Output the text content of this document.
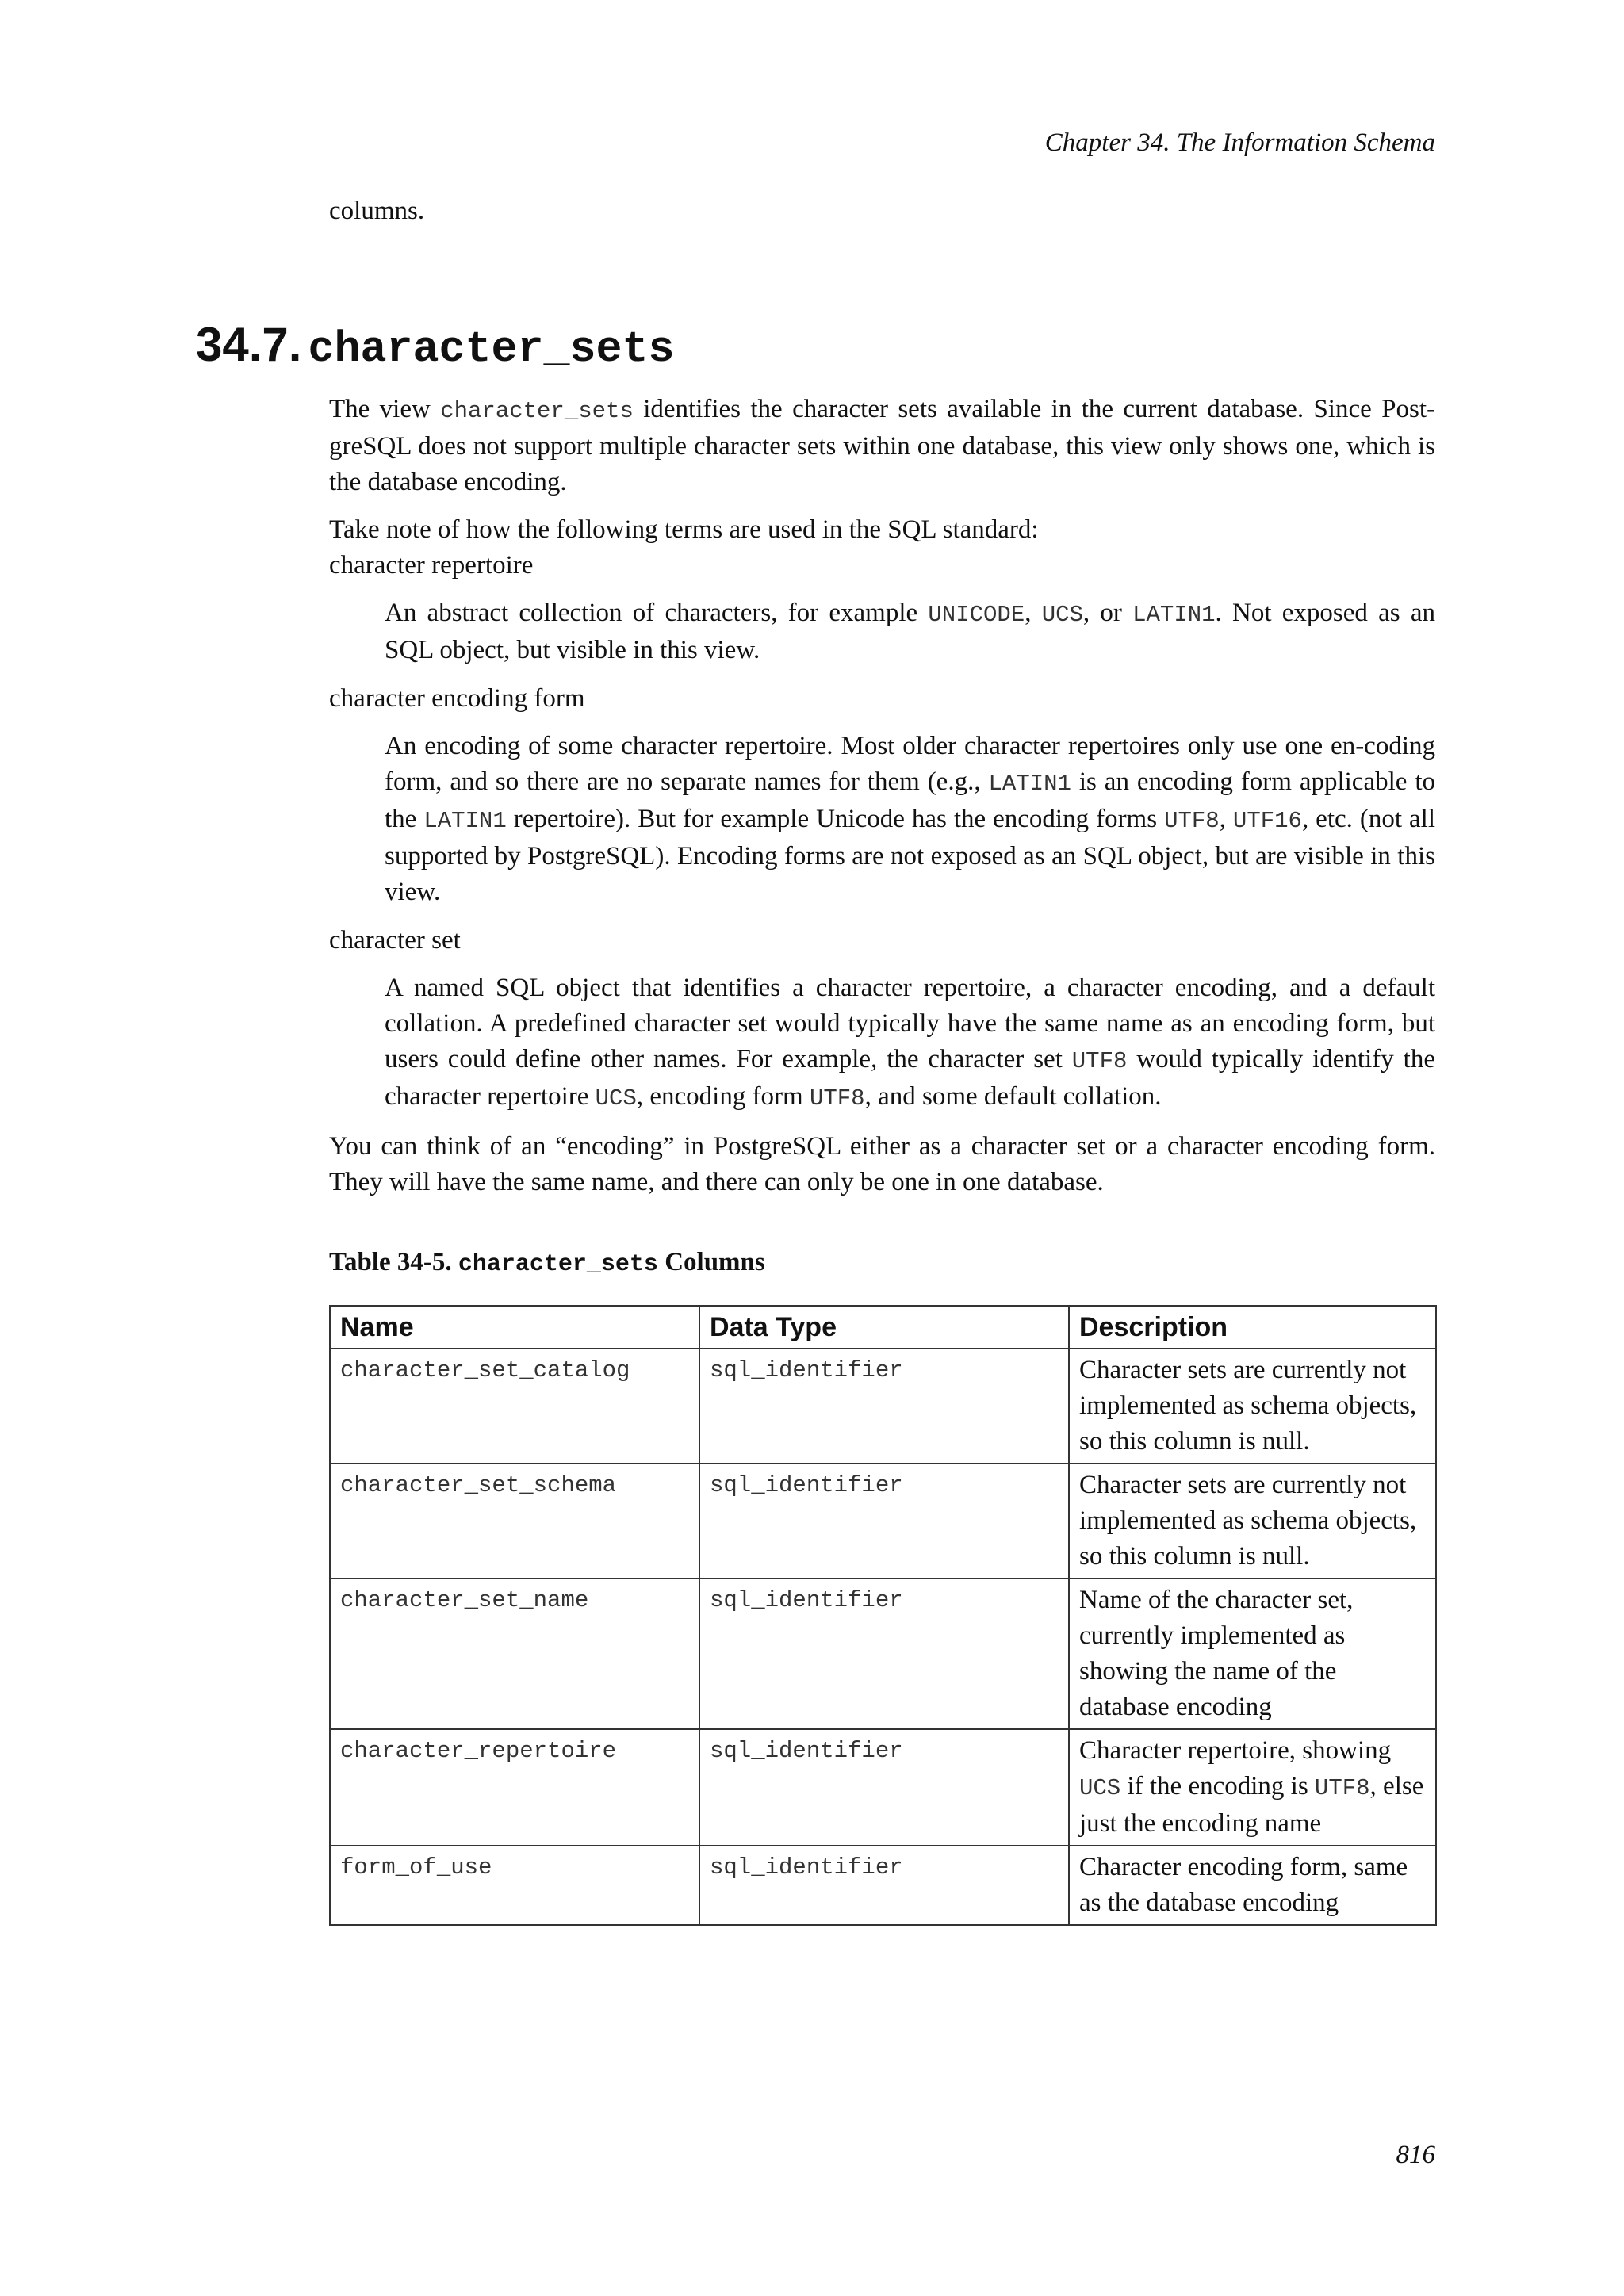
Chapter 34. The Information Schema
columns.
34.7. character_sets

The view character_sets identifies the character sets available in the current database. Since Post-greSQL does not support multiple character sets within one database, this view only shows one, which is the database encoding.

Take note of how the following terms are used in the SQL standard:

character repertoire

An abstract collection of characters, for example UNICODE, UCS, or LATIN1. Not exposed as an SQL object, but visible in this view.

character encoding form

An encoding of some character repertoire. Most older character repertoires only use one en-coding form, and so there are no separate names for them (e.g., LATIN1 is an encoding form applicable to the LATIN1 repertoire). But for example Unicode has the encoding forms UTF8, UTF16, etc. (not all supported by PostgreSQL). Encoding forms are not exposed as an SQL object, but are visible in this view.

character set

A named SQL object that identifies a character repertoire, a character encoding, and a default collation. A predefined character set would typically have the same name as an encoding form, but users could define other names. For example, the character set UTF8 would typically identify the character repertoire UCS, encoding form UTF8, and some default collation.

You can think of an “encoding” in PostgreSQL either as a character set or a character encoding form. They will have the same name, and there can only be one in one database.

Table 34-5. character_sets Columns

Name	Data Type	Description
character_set_catalog	sql_identifier	Character sets are currently not implemented as schema objects, so this column is null.
character_set_schema	sql_identifier	Character sets are currently not implemented as schema objects, so this column is null.
character_set_name	sql_identifier	Name of the character set, currently implemented as showing the name of the database encoding
character_repertoire	sql_identifier	Character repertoire, showing UCS if the encoding is UTF8, else just the encoding name
form_of_use	sql_identifier	Character encoding form, same as the database encoding
816
